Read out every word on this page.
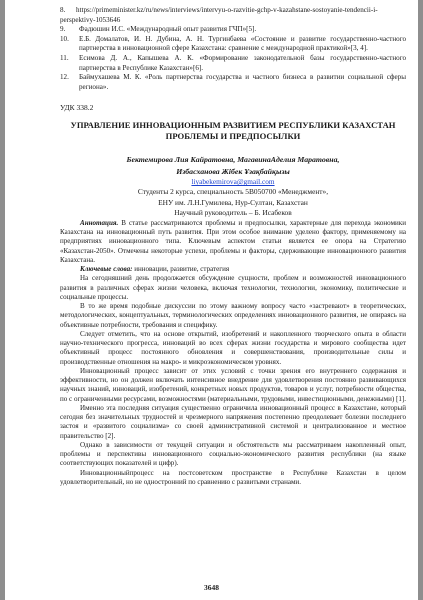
8. https://primeminister.kz/ru/news/interviews/intervyu-o-razvitie-gchp-v-kazahstane-sostoyanie-tendencii-i-perspektivy-1053646
9.	Фадюшин И.С. «Международный опыт развития ГЧП»[5].
10.	Е.Б. Домалатов, И. Н. Дубина, А. Н. Тургинбаева «Состояние и развитие государственно-частного партнерства в инновационной сфере Казахстана: сравнение с международной практикой»[3, 4].
11.	Есимова Д. А., Капышева А. К. «Формирование законодательной базы государственно-частного партнерства в Республике Казахстан»[6].
12.	Баймухашева М. К. «Роль партнерства государства и частного бизнеса в развитии социальной сферы региона».
УДК 338.2
УПРАВЛЕНИЕ ИННОВАЦИОННЫМ РАЗВИТИЕМ РЕСПУБЛИКИ КАЗАХСТАН ПРОБЛЕМЫ И ПРЕДПОСЫЛКИ
Бектемирова Лия Кайратовна, МагавинаАделия Маратовна,
Избасханова Жібек Ұзақбайқызы
liyabekemirova@gmail.com
Студенты 2 курса, специальность 5В050700 «Менеджмент»,
ЕНУ им. Л.Н.Гумилева, Нур-Султан, Казахстан
Научный руководитель – Б. Исабеков

Аннотация. В статье рассматриваются проблемы и предпосылки, характерные для перехода экономики Казахстана на инновационный путь развития. При этом особое внимание уделено фактору, применяемому на предприятиях инновационного типа. Ключевым аспектом статьи является ее опора на Стратегию «Казахстан-2050». Отмечены некоторые успехи, проблемы и факторы, сдерживающие инновационного развития Казахстана.

Ключевые слова: инновации, развитие, стратегия

На сегодняшний день продолжается обсуждение сущности, проблем и возможностей инновационного развития в различных сферах жизни человека, включая технологии, технологии, экономику, политические и социальные процессы.

В то же время подобные дискуссии по этому важному вопросу часто «застревают» в теоретических, методологических, концептуальных, терминологических определениях инновационного развития, не опираясь на объективные потребности, требования и специфику.

Следует отметить, что на основе открытий, изобретений и накопленного творческого опыта в области научно-технического прогресса, инноваций во всех сферах жизни государства и мирового сообщества идет объективный процесс постоянного обновления и совершенствования, производительные силы и производственные отношения на макро- и микроэкономическом уровнях.

Инновационный процесс зависит от этих условий с точки зрения его внутреннего содержания и эффективности, но он должен включать интенсивное внедрение для удовлетворения постоянно развивающихся научных знаний, инноваций, изобретений, конкретных новых продуктов, товаров и услуг, потребности общества, по с ограниченными ресурсами, возможностями (материальными, трудовыми, инвестиционными, денежными) [1].

Именно эта последняя ситуация существенно ограничила инновационный процесс в Казахстане, который сегодня без значительных трудностей и чрезмерного напряжения постепенно преодолевает болезни последнего застоя и «развитого социализма» со своей административной системой и централизованное и местное правительство [2].

Однако в зависимости от текущей ситуации и обстоятельств мы рассматриваем накопленный опыт, проблемы и перспективы инновационного социально-экономического развития республики (на языке соответствующих показателей и цифр).

Инновационныйпроцесс на постсоветском пространстве в Республике Казахстан в целом удовлетворительный, но не одностронний по сравнению с развитыми странами.

3648
